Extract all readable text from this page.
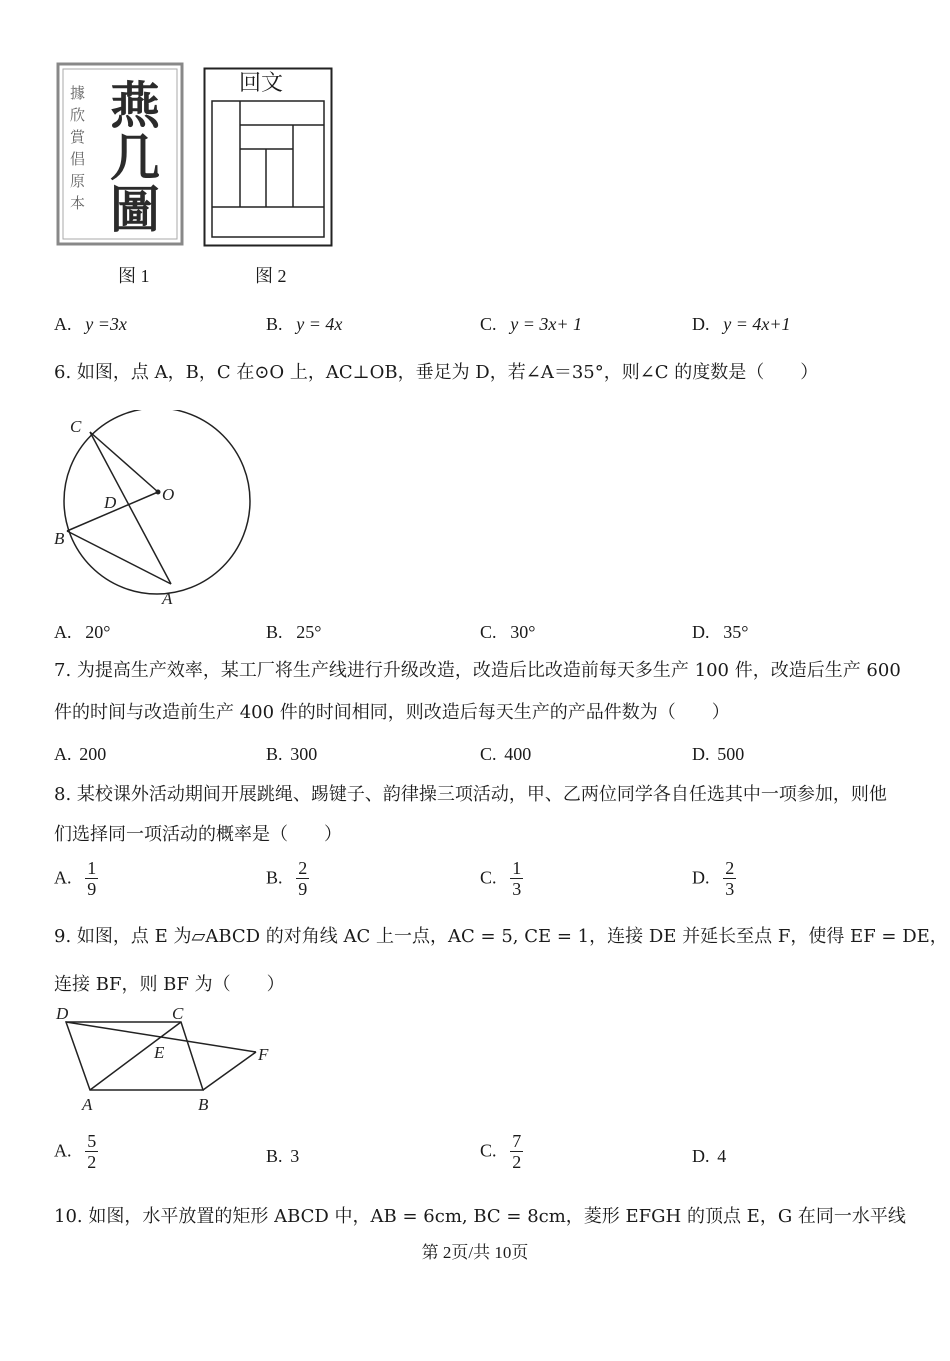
據欣賞倡原本
燕几圖
回文
图 1	图 2
A. y =3x	B. y = 4x	C. y = 3x+ 1	D. y = 4x+1
6. 如图，点 A，B，C 在⊙O 上，AC⊥OB，垂足为 D，若∠A＝35°，则∠C 的度数是（　　）
C
O
D
B
A
A. 20°	B. 25°	C. 30°	D. 35°
7. 为提高生产效率，某工厂将生产线进行升级改造，改造后比改造前每天多生产 100 件，改造后生产 600
件的时间与改造前生产 400 件的时间相同，则改造后每天生产的产品件数为（　　）
A. 200	B. 300	C. 400	D. 500
8. 某校课外活动期间开展跳绳、踢键子、韵律操三项活动，甲、乙两位同学各自任选其中一项参加，则他
们选择同一项活动的概率是（　　）
A. $\frac{1}{9}$	B. $\frac{2}{9}$	C. $\frac{1}{3}$	D. $\frac{2}{3}$
9. 如图，点 E 为▱ABCD 的对角线 AC 上一点，AC = 5, CE = 1，连接 DE 并延长至点 F，使得 EF = DE，
连接 BF，则 BF 为（　　）
D	C
E	F
A	B
A. $\frac{5}{2}$	B. 3	C. $\frac{7}{2}$	D. 4
10. 如图，水平放置的矩形 ABCD 中，AB = 6cm, BC = 8cm，菱形 EFGH 的顶点 E，G 在同一水平线
第 2页/共 10页
